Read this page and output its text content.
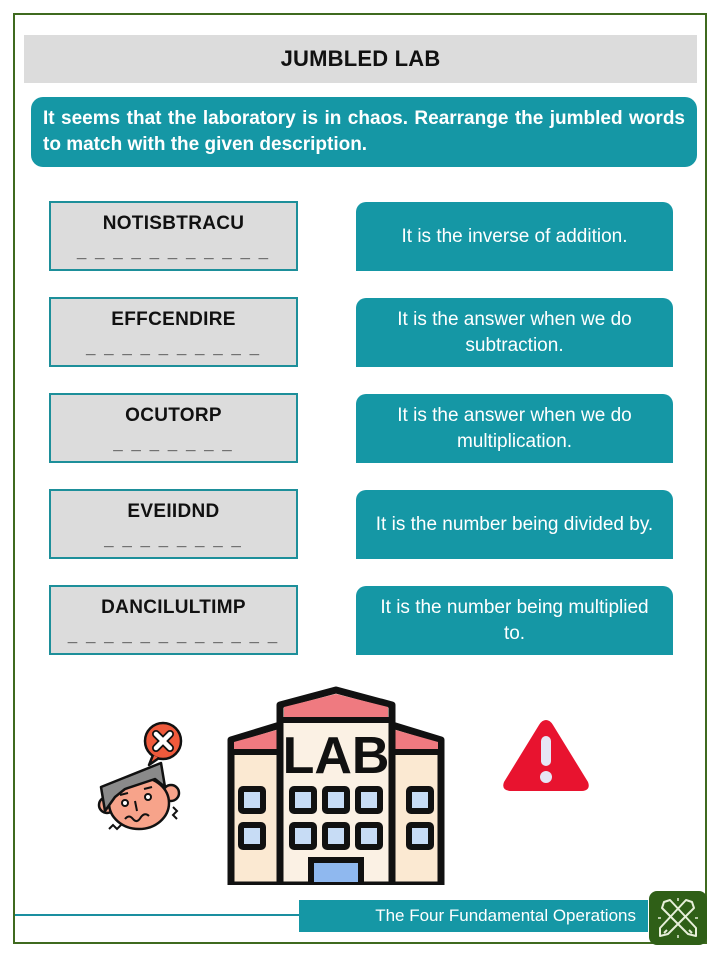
JUMBLED LAB
It seems that the laboratory is in chaos. Rearrange the jumbled words to match with the given description.
NOTISBTRACU
_ _ _ _ _ _ _ _ _ _ _
It is the inverse of addition.
EFFCENDIRE
_ _ _ _ _ _ _ _ _ _
It is the answer when we do subtraction.
OCUTORP
_ _ _ _ _ _ _
It is the answer when we do multiplication.
EVEIIDND
_ _ _ _ _ _ _ _
It is the number being divided by.
DANCILULTIMP
_ _ _ _ _ _ _ _ _ _ _ _
It is the number being multiplied to.
LAB
The Four Fundamental Operations
